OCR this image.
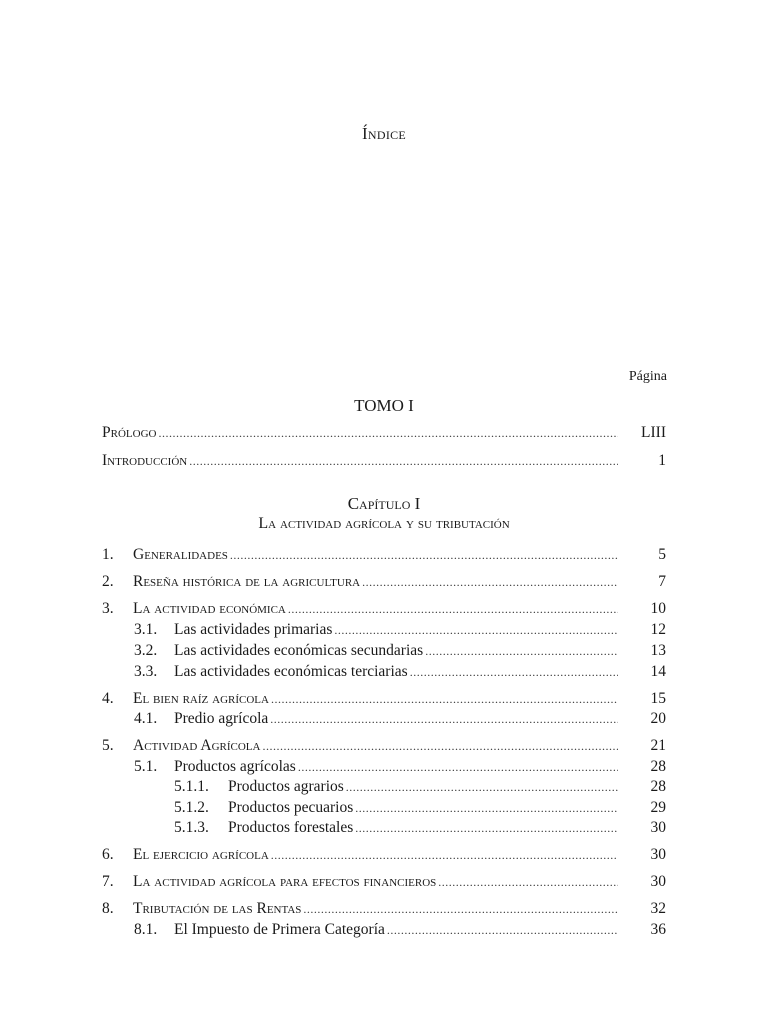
Índice
Página
TOMO I
Prólogo .....	LIII
Introducción .....	1
Capítulo I
La actividad agrícola y su tributación
1.	Generalidades .....	5
2.	Reseña histórica de la agricultura .....	7
3.	La actividad económica .....	10
3.1.	Las actividades primarias .....	12
3.2.	Las actividades económicas secundarias .....	13
3.3.	Las actividades económicas terciarias .....	14
4.	El bien raíz agrícola .....	15
4.1.	Predio agrícola .....	20
5.	Actividad Agrícola .....	21
5.1.	Productos agrícolas .....	28
5.1.1.	Productos agrarios .....	28
5.1.2.	Productos pecuarios .....	29
5.1.3.	Productos forestales .....	30
6.	El ejercicio agrícola .....	30
7.	La actividad agrícola para efectos financieros .....	30
8.	Tributación de las Rentas .....	32
8.1.	El Impuesto de Primera Categoría .....	36
